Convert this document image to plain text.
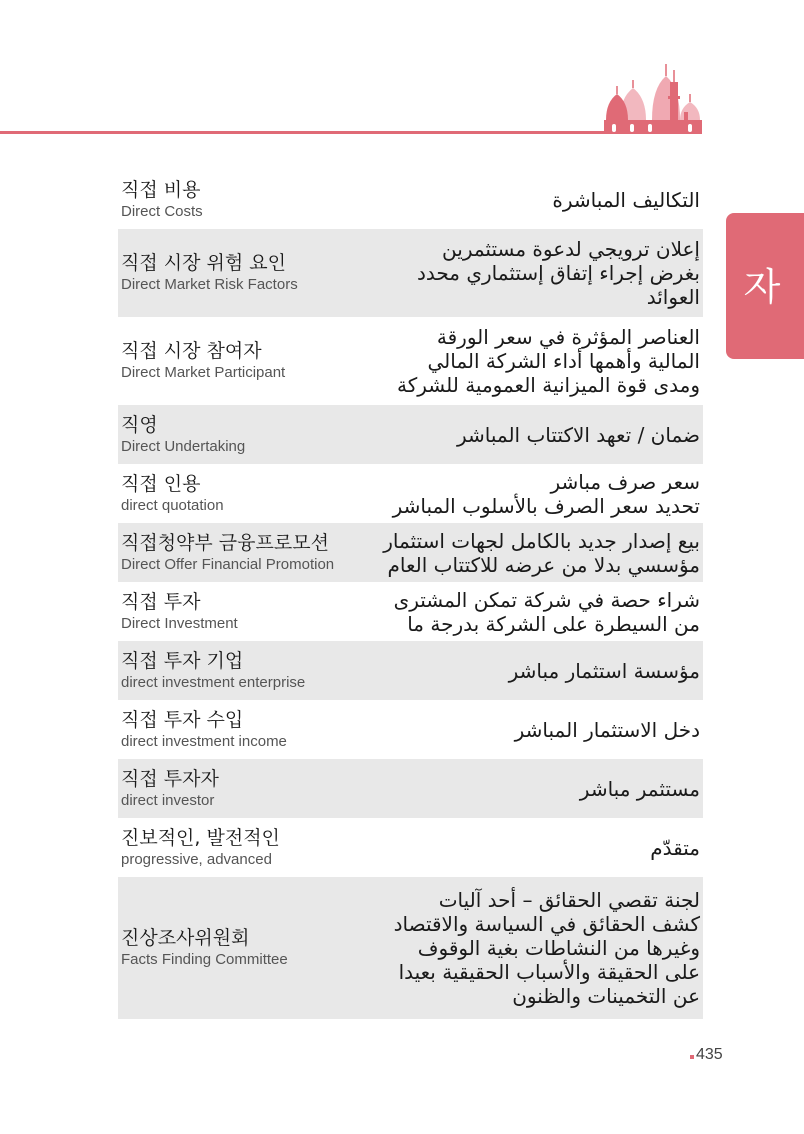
자
직접 비용
Direct Costs	التكاليف المباشرة
직접 시장 위험 요인
Direct Market Risk Factors
إعلان ترويجي لدعوة مستثمرين
بغرض إجراء إتفاق إستثماري محدد
العوائد
직접 시장 참여자
Direct Market Participant
العناصر المؤثرة في سعر الورقة
المالية وأهمها أداء الشركة المالي
ومدى قوة الميزانية العمومية للشركة
직영
Direct Undertaking	ضمان / تعهد الاكتتاب المباشر
직접 인용
direct quotation
سعر صرف مباشر
تحديد سعر الصرف بالأسلوب المباشر
직접청약부 금융프로모션
Direct Offer Financial Promotion
بيع إصدار جديد بالكامل لجهات استثمار
مؤسسي بدلا من عرضه للاكتتاب العام
직접 투자
Direct Investment
شراء حصة في شركة تمكن المشترى
من السيطرة على الشركة بدرجة ما
직접 투자 기업
direct investment enterprise	مؤسسة استثمار مباشر
직접 투자 수입
direct investment income	دخل الاستثمار المباشر
직접 투자자
direct investor	مستثمر مباشر
진보적인, 발전적인
progressive, advanced	متقدّم
진상조사위원회
Facts Finding Committee
لجنة تقصي الحقائق – أحد آليات
كشف الحقائق في السياسة والاقتصاد
وغيرها من النشاطات بغية الوقوف
على الحقيقة والأسباب الحقيقية بعيدا
عن التخمينات والظنون
435
